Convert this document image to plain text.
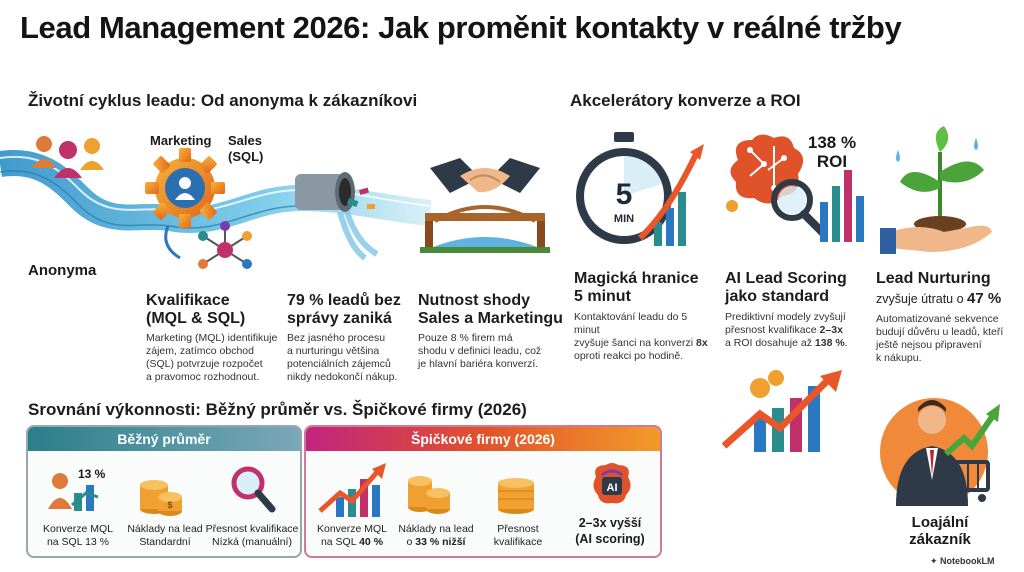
Lead Management 2026: Jak proměnit kontakty v reálné tržby
Životní cyklus leadu: Od anonyma k zákazníkovi
Anonyma
Marketing Sales
(SQL)
Kvalifikace
(MQL & SQL)
Marketing (MQL) identifikuje
zájem, zatímco obchod
(SQL) potvrzuje rozpočet
a pravomoc rozhodnout.
79 % leadů bez
správy zaniká
Bez jasného procesu
a nurturingu většina
potenciálních zájemců
nikdy nedokončí nákup.
Nutnost shody
Sales a Marketingu
Pouze 8 % firem má
shodu v definici leadu, což
je hlavní bariéra konverzí.
Akcelerátory konverze a ROI
5
MIN
138 %
ROI
Magická hranice
5 minut
Kontaktování leadu do 5 minut
zvyšuje šanci na konverzi 8x
oproti reakci po hodině.
AI Lead Scoring
jako standard
Prediktivní modely zvyšují
přesnost kvalifikace 2–3x
a ROI dosahuje až 138 %.
Lead Nurturing
zvyšuje útratu o 47 %
Automatizované sekvence
budují důvěru u leadů, kteří
ještě nejsou připravení
k nákupu.
Loajální
zákazník
Srovnání výkonnosti: Běžný průměr vs. Špičkové firmy (2026)
Běžný průměr
13 %
$
Konverze MQL
na SQL 13 %
Náklady na lead
Standardní
Přesnost kvalifikace
Nízká (manuální)
Špičkové firmy (2026)
AI
Konverze MQL
na SQL 40 %
Náklady na lead
o 33 % nižší
Přesnost
kvalifikace
2–3x vyšší
(AI scoring)
✦ NotebookLM
